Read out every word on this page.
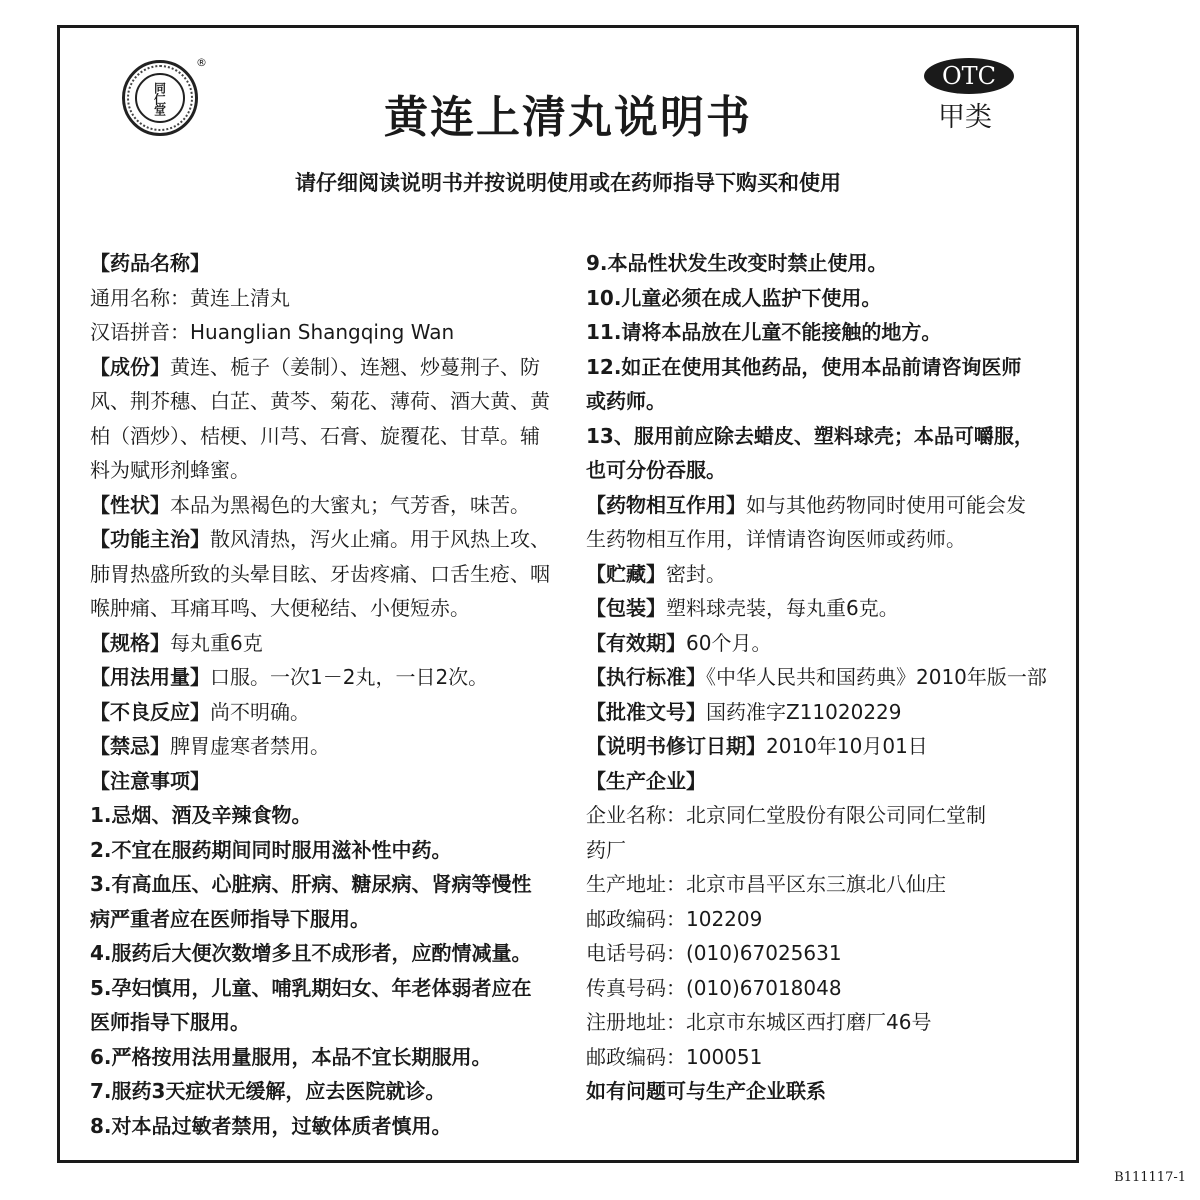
同仁堂
®
黄连上清丸说明书
OTC
甲类
请仔细阅读说明书并按说明使用或在药师指导下购买和使用
【药品名称】
通用名称：黄连上清丸
汉语拼音：Huanglian Shangqing Wan
【成份】黄连、栀子（姜制）、连翘、炒蔓荆子、防
风、荆芥穗、白芷、黄芩、菊花、薄荷、酒大黄、黄
柏（酒炒）、桔梗、川芎、石膏、旋覆花、甘草。辅
料为赋形剂蜂蜜。
【性状】本品为黑褐色的大蜜丸；气芳香，味苦。
【功能主治】散风清热，泻火止痛。用于风热上攻、
肺胃热盛所致的头晕目眩、牙齿疼痛、口舌生疮、咽
喉肿痛、耳痛耳鸣、大便秘结、小便短赤。
【规格】每丸重6克
【用法用量】口服。一次1－2丸，一日2次。
【不良反应】尚不明确。
【禁忌】脾胃虚寒者禁用。
【注意事项】
1.忌烟、酒及辛辣食物。
2.不宜在服药期间同时服用滋补性中药。
3.有高血压、心脏病、肝病、糖尿病、肾病等慢性
病严重者应在医师指导下服用。
4.服药后大便次数增多且不成形者，应酌情减量。
5.孕妇慎用，儿童、哺乳期妇女、年老体弱者应在
医师指导下服用。
6.严格按用法用量服用，本品不宜长期服用。
7.服药3天症状无缓解，应去医院就诊。
8.对本品过敏者禁用，过敏体质者慎用。
9.本品性状发生改变时禁止使用。
10.儿童必须在成人监护下使用。
11.请将本品放在儿童不能接触的地方。
12.如正在使用其他药品，使用本品前请咨询医师
或药师。
13、服用前应除去蜡皮、塑料球壳；本品可嚼服，
也可分份吞服。
【药物相互作用】如与其他药物同时使用可能会发
生药物相互作用，详情请咨询医师或药师。
【贮藏】密封。
【包装】塑料球壳装，每丸重6克。
【有效期】60个月。
【执行标准】《中华人民共和国药典》2010年版一部
【批准文号】国药准字Z11020229
【说明书修订日期】2010年10月01日
【生产企业】
企业名称：北京同仁堂股份有限公司同仁堂制
药厂
生产地址：北京市昌平区东三旗北八仙庄
邮政编码：102209
电话号码：(010)67025631
传真号码：(010)67018048
注册地址：北京市东城区西打磨厂46号
邮政编码：100051
如有问题可与生产企业联系
B111117-1
